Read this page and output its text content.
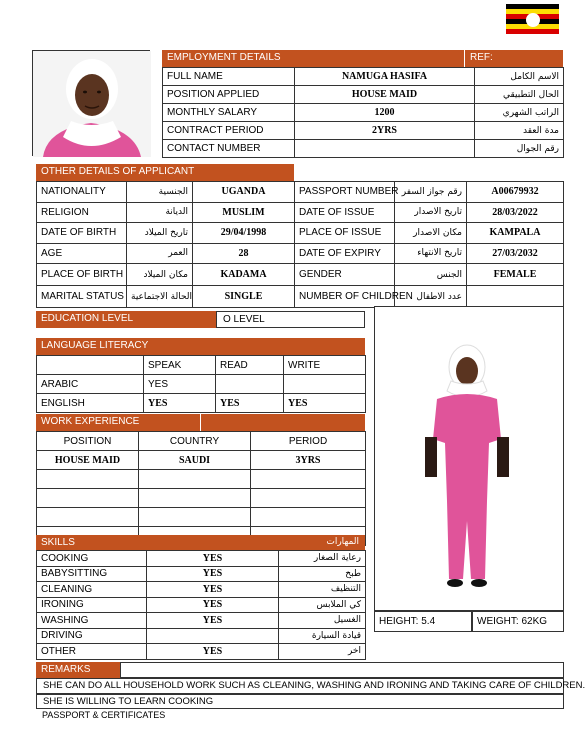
EMPLOYMENT DETAILS	REF:
FULL NAME	NAMUGA HASIFA	الاسم الكامل
POSITION APPLIED	HOUSE MAID	الحال التطبيقي
MONTHLY SALARY	1200	الراتب الشهري
CONTRACT PERIOD	2YRS	مدة العقد
CONTACT NUMBER		رقم الجوال
OTHER DETAILS OF APPLICANT
NATIONALITY	الجنسية	UGANDA	PASSPORT NUMBER	رقم جواز السفر	A00679932
RELIGION	الديانة	MUSLIM	DATE OF ISSUE	تاريخ الاصدار	28/03/2022
DATE OF BIRTH	تاريخ الميلاد	29/04/1998	PLACE OF ISSUE	مكان الاصدار	KAMPALA
AGE	العمر	28	DATE OF EXPIRY	تاريخ الانتهاء	27/03/2032
PLACE OF BIRTH	مكان الميلاد	KADAMA	GENDER	الجنس	FEMALE
MARITAL STATUS	الحالة الاجتماعية	SINGLE	NUMBER OF CHILDREN	عدد الاطفال	
EDUCATION LEVEL	O LEVEL
LANGUAGE LITERACY
	SPEAK	READ	WRITE
ARABIC	YES		
ENGLISH	YES	YES	YES
WORK EXPERIENCE
POSITION	COUNTRY	PERIOD
HOUSE MAID	SAUDI	3YRS

SKILLS	المهارات
COOKING	YES	رعاية الصغار
BABYSITTING	YES	طبخ
CLEANING	YES	التنظيف
IRONING	YES	كي الملابس
WASHING	YES	الغسيل
DRIVING		قيادة السيارة
OTHER	YES	اخر
HEIGHT: 5.4	WEIGHT: 62KG
REMARKS
SHE CAN DO ALL HOUSEHOLD WORK SUCH AS CLEANING, WASHING AND IRONING AND TAKING CARE OF CHILDREN.
SHE IS WILLING TO LEARN COOKING
PASSPORT & CERTIFICATES
